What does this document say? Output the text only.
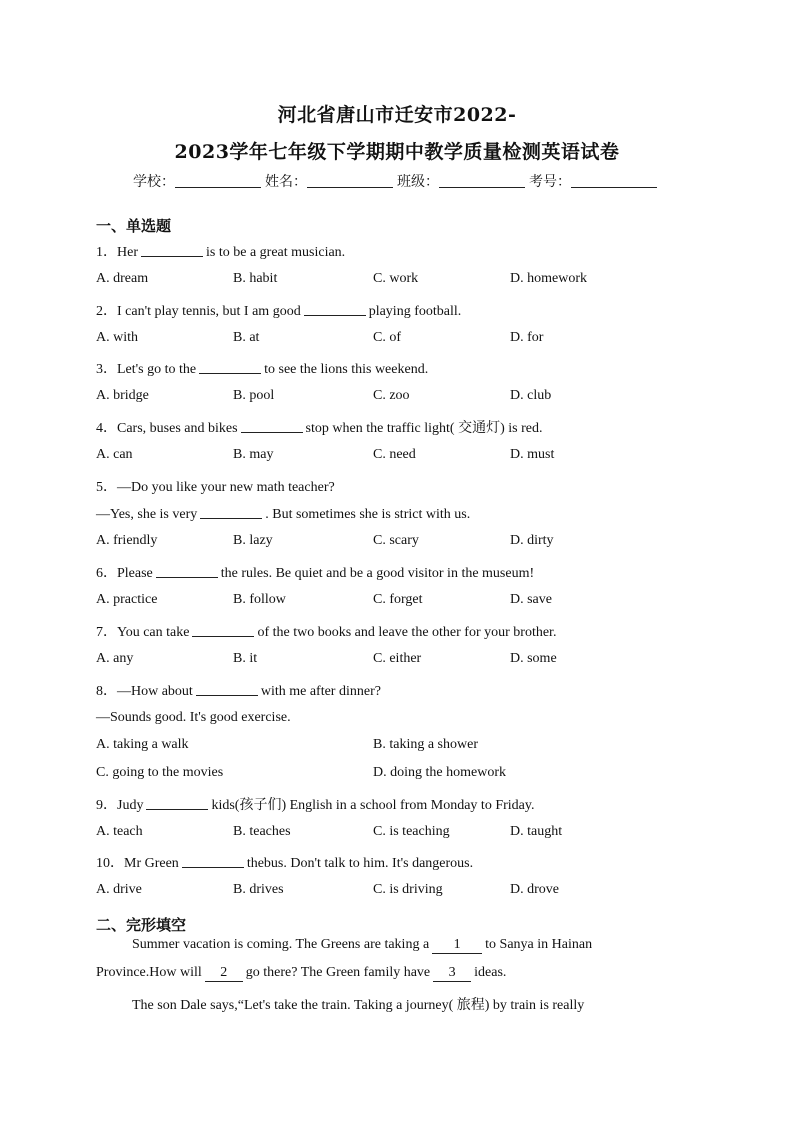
河北省唐山市迁安市2022-
2023学年七年级下学期期中教学质量检测英语试卷
学校：	姓名：	班级：	考号：
一、单选题
1．Her	is to be a great musician.
A. dream	B. habit	C. work	D. homework
2．I can't play tennis, but I am good	playing football.
A. with	B. at	C. of	D. for
3．Let's go to the	to see the lions this weekend.
A. bridge	B. pool	C. zoo	D. club
4．Cars, buses and bikes	stop when the traffic light( 交通灯) is red.
A. can	B. may	C. need	D. must
5．—Do you like your new math teacher?
—Yes, she is very	. But sometimes she is strict with us.
A. friendly	B. lazy	C. scary	D. dirty
6．Please	the rules. Be quiet and be a good visitor in the museum!
A. practice	B. follow	C. forget	D. save
7．You can take	of the two books and leave the other for your brother.
A. any	B. it	C. either	D. some
8．—How about	with me after dinner?
—Sounds good. It's good exercise.
A. taking a walk	B. taking a shower
C. going to the movies	D. doing the homework
9．Judy	kids(孩子们) English in a school from Monday to Friday.
A. teach	B. teaches	C. is teaching	D. taught
10．Mr Green	thebus. Don't talk to him. It's dangerous.
A. drive	B. drives	C. is driving	D. drove
二、完形填空
Summer vacation is coming. The Greens are taking a 1 to Sanya in Hainan
Province.How will 2 go there? The Green family have 3 ideas.
The son Dale says,“Let's take the train. Taking a journey( 旅程) by train is really
